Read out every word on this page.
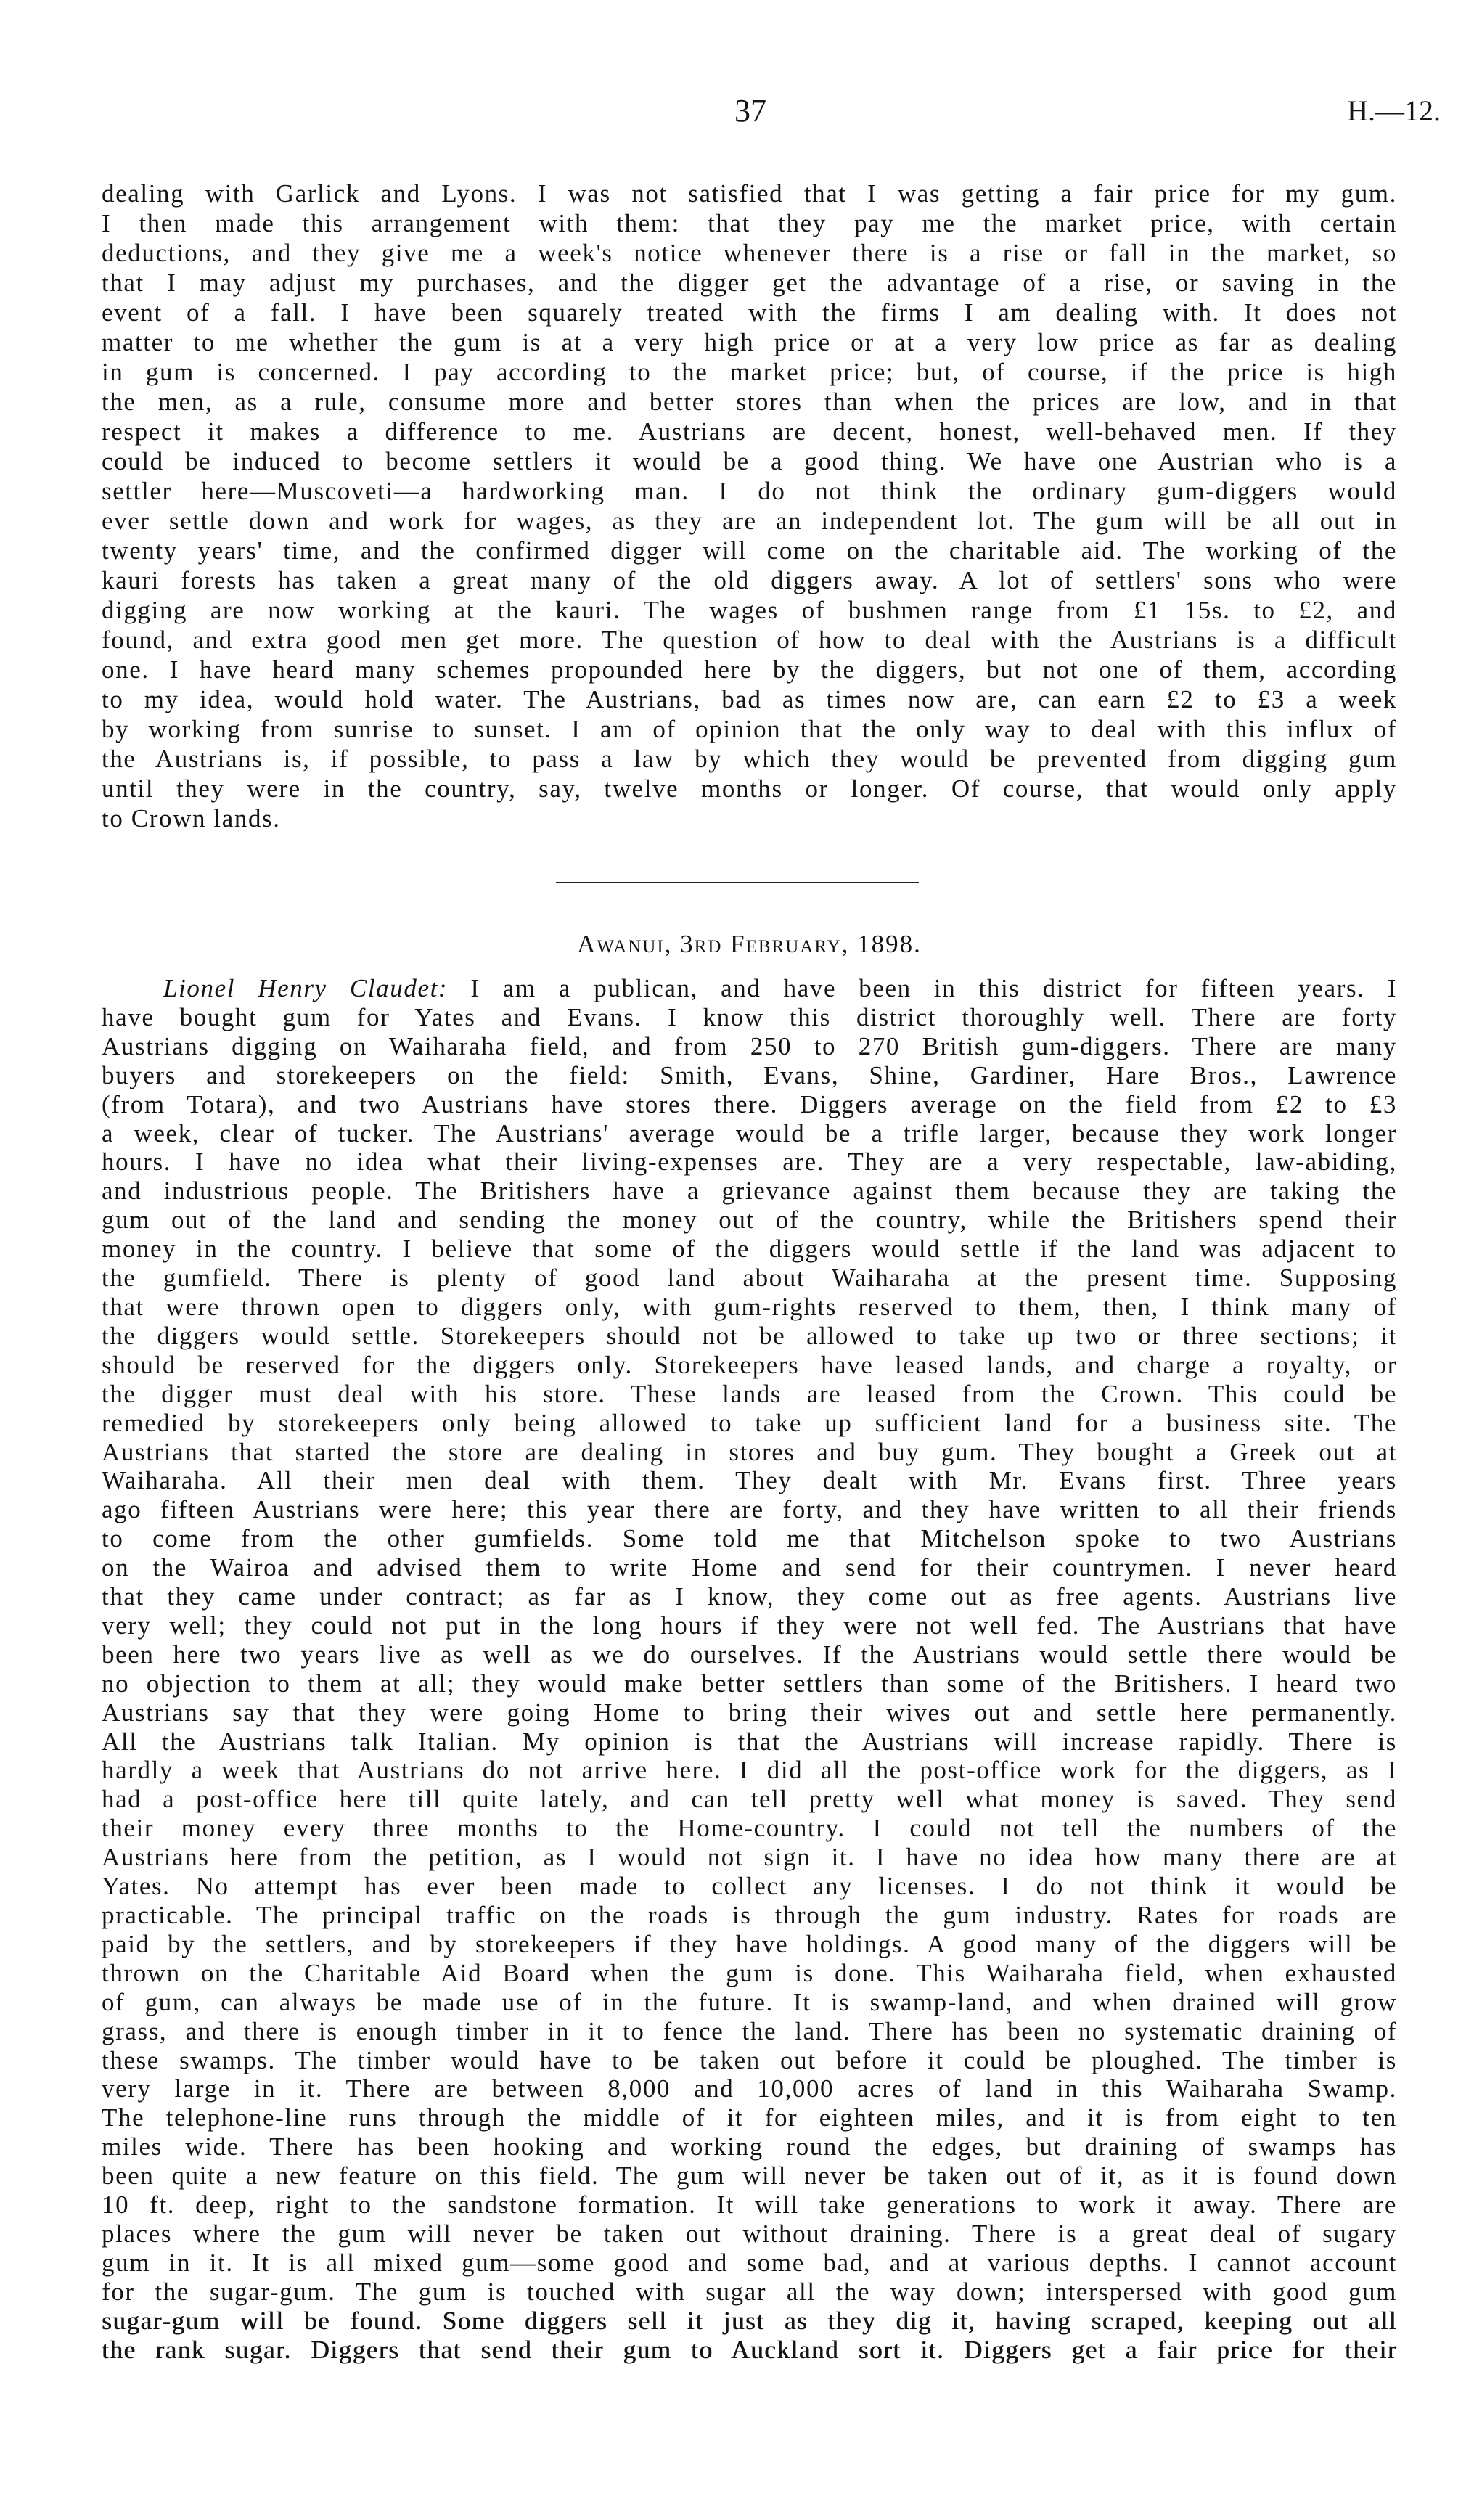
37	H.—12.
dealing with Garlick and Lyons. I was not satisfied that I was getting a fair price for my gum.
I then made this arrangement with them: that they pay me the market price, with certain
deductions, and they give me a week's notice whenever there is a rise or fall in the market, so
that I may adjust my purchases, and the digger get the advantage of a rise, or saving in the
event of a fall. I have been squarely treated with the firms I am dealing with. It does not
matter to me whether the gum is at a very high price or at a very low price as far as dealing
in gum is concerned. I pay according to the market price; but, of course, if the price is high
the men, as a rule, consume more and better stores than when the prices are low, and in that
respect it makes a difference to me. Austrians are decent, honest, well-behaved men. If they
could be induced to become settlers it would be a good thing. We have one Austrian who is a
settler here—Muscoveti—a hardworking man. I do not think the ordinary gum-diggers would
ever settle down and work for wages, as they are an independent lot. The gum will be all out in
twenty years' time, and the confirmed digger will come on the charitable aid. The working of the
kauri forests has taken a great many of the old diggers away. A lot of settlers' sons who were
digging are now working at the kauri. The wages of bushmen range from £1 15s. to £2, and
found, and extra good men get more. The question of how to deal with the Austrians is a difficult
one. I have heard many schemes propounded here by the diggers, but not one of them, according
to my idea, would hold water. The Austrians, bad as times now are, can earn £2 to £3 a week
by working from sunrise to sunset. I am of opinion that the only way to deal with this influx of
the Austrians is, if possible, to pass a law by which they would be prevented from digging gum
until they were in the country, say, twelve months or longer. Of course, that would only apply
to Crown lands.
Awanui, 3rd February, 1898.
Lionel Henry Claudet: I am a publican, and have been in this district for fifteen years. I
have bought gum for Yates and Evans. I know this district thoroughly well. There are forty
Austrians digging on Waiharaha field, and from 250 to 270 British gum-diggers. There are many
buyers and storekeepers on the field: Smith, Evans, Shine, Gardiner, Hare Bros., Lawrence
(from Totara), and two Austrians have stores there. Diggers average on the field from £2 to £3
a week, clear of tucker. The Austrians' average would be a trifle larger, because they work longer
hours. I have no idea what their living-expenses are. They are a very respectable, law-abiding,
and industrious people. The Britishers have a grievance against them because they are taking the
gum out of the land and sending the money out of the country, while the Britishers spend their
money in the country. I believe that some of the diggers would settle if the land was adjacent to
the gumfield. There is plenty of good land about Waiharaha at the present time. Supposing
that were thrown open to diggers only, with gum-rights reserved to them, then, I think many of
the diggers would settle. Storekeepers should not be allowed to take up two or three sections; it
should be reserved for the diggers only. Storekeepers have leased lands, and charge a royalty, or
the digger must deal with his store. These lands are leased from the Crown. This could be
remedied by storekeepers only being allowed to take up sufficient land for a business site. The
Austrians that started the store are dealing in stores and buy gum. They bought a Greek out at
Waiharaha. All their men deal with them. They dealt with Mr. Evans first. Three years
ago fifteen Austrians were here; this year there are forty, and they have written to all their friends
to come from the other gumfields. Some told me that Mitchelson spoke to two Austrians
on the Wairoa and advised them to write Home and send for their countrymen. I never heard
that they came under contract; as far as I know, they come out as free agents. Austrians live
very well; they could not put in the long hours if they were not well fed. The Austrians that have
been here two years live as well as we do ourselves. If the Austrians would settle there would be
no objection to them at all; they would make better settlers than some of the Britishers. I heard two
Austrians say that they were going Home to bring their wives out and settle here permanently.
All the Austrians talk Italian. My opinion is that the Austrians will increase rapidly. There is
hardly a week that Austrians do not arrive here. I did all the post-office work for the diggers, as I
had a post-office here till quite lately, and can tell pretty well what money is saved. They send
their money every three months to the Home-country. I could not tell the numbers of the
Austrians here from the petition, as I would not sign it. I have no idea how many there are at
Yates. No attempt has ever been made to collect any licenses. I do not think it would be
practicable. The principal traffic on the roads is through the gum industry. Rates for roads are
paid by the settlers, and by storekeepers if they have holdings. A good many of the diggers will be
thrown on the Charitable Aid Board when the gum is done. This Waiharaha field, when exhausted
of gum, can always be made use of in the future. It is swamp-land, and when drained will grow
grass, and there is enough timber in it to fence the land. There has been no systematic draining of
these swamps. The timber would have to be taken out before it could be ploughed. The timber is
very large in it. There are between 8,000 and 10,000 acres of land in this Waiharaha Swamp.
The telephone-line runs through the middle of it for eighteen miles, and it is from eight to ten
miles wide. There has been hooking and working round the edges, but draining of swamps has
been quite a new feature on this field. The gum will never be taken out of it, as it is found down
10 ft. deep, right to the sandstone formation. It will take generations to work it away. There are
places where the gum will never be taken out without draining. There is a great deal of sugary
gum in it. It is all mixed gum—some good and some bad, and at various depths. I cannot account
for the sugar-gum. The gum is touched with sugar all the way down; interspersed with good gum
sugar-gum will be found. Some diggers sell it just as they dig it, having scraped, keeping out all
the rank sugar. Diggers that send their gum to Auckland sort it. Diggers get a fair price for their
